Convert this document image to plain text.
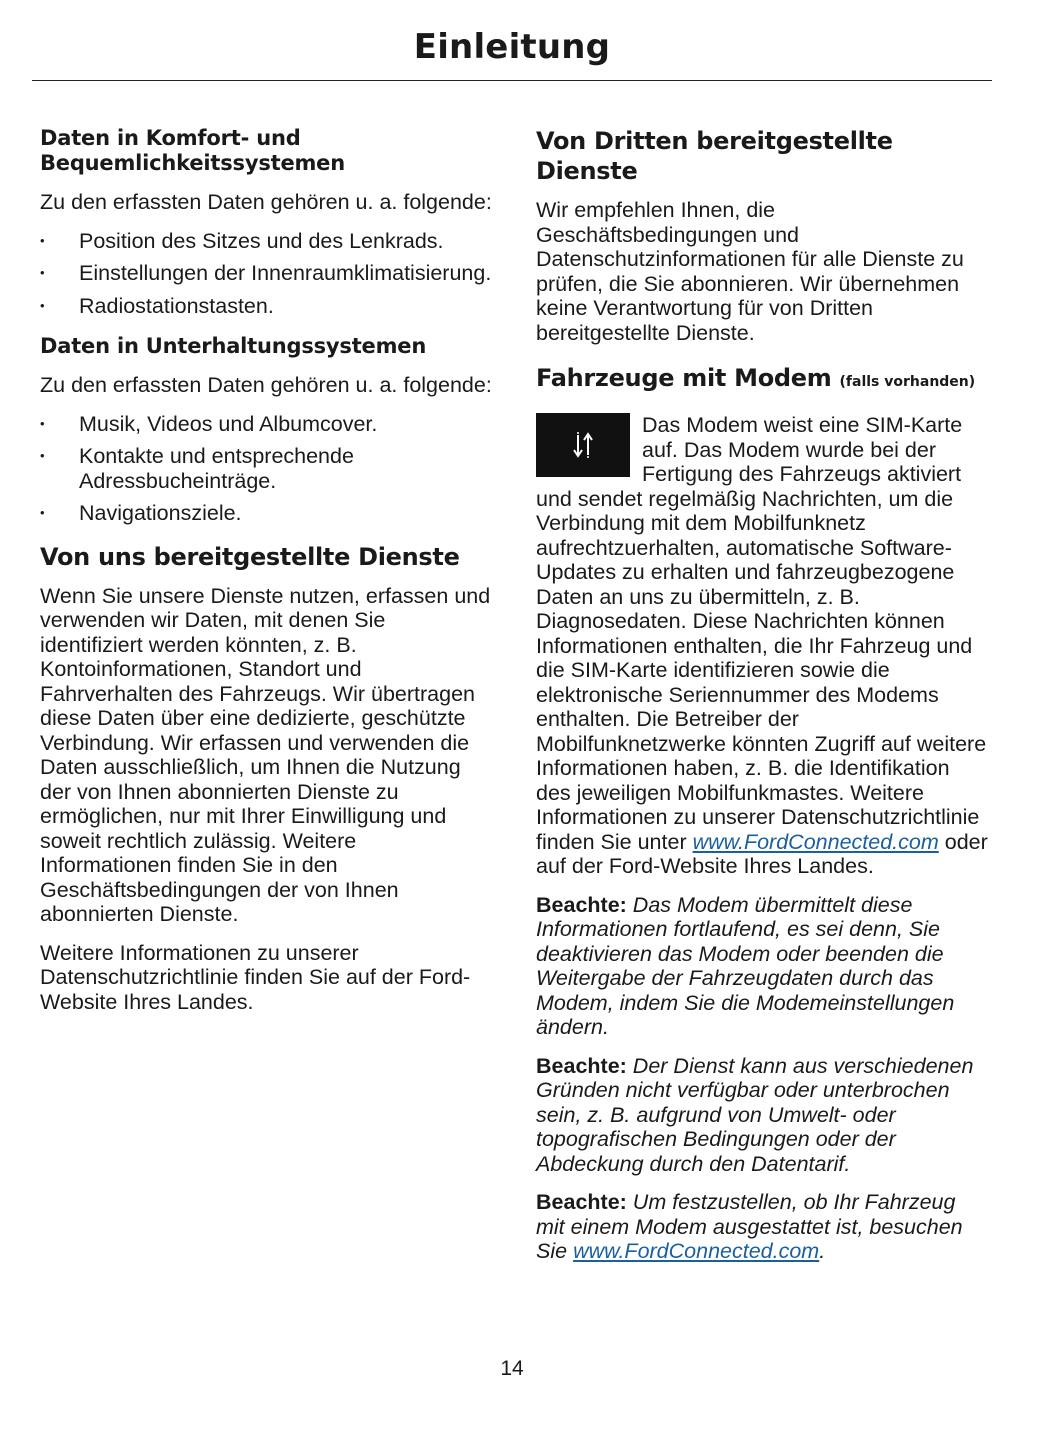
Einleitung
Daten in Komfort- und
Bequemlichkeitssystemen

Zu den erfassten Daten gehören u. a. folgende:

• Position des Sitzes und des Lenkrads.
• Einstellungen der Innenraumklimatisierung.
• Radiostationstasten.
Daten in Unterhaltungssystemen

Zu den erfassten Daten gehören u. a. folgende:

• Musik, Videos und Albumcover.
• Kontakte und entsprechende Adressbucheinträge.
• Navigationsziele.
Von uns bereitgestellte Dienste

Wenn Sie unsere Dienste nutzen, erfassen und verwenden wir Daten, mit denen Sie identifiziert werden könnten, z. B. Kontoinformationen, Standort und Fahrverhalten des Fahrzeugs. Wir übertragen diese Daten über eine dedizierte, geschützte Verbindung. Wir erfassen und verwenden die Daten ausschließlich, um Ihnen die Nutzung der von Ihnen abonnierten Dienste zu ermöglichen, nur mit Ihrer Einwilligung und soweit rechtlich zulässig. Weitere Informationen finden Sie in den Geschäftsbedingungen der von Ihnen abonnierten Dienste.

Weitere Informationen zu unserer Datenschutzrichtlinie finden Sie auf der Ford-Website Ihres Landes.

Von Dritten bereitgestellte Dienste

Wir empfehlen Ihnen, die Geschäftsbedingungen und Datenschutzinformationen für alle Dienste zu prüfen, die Sie abonnieren. Wir übernehmen keine Verantwortung für von Dritten bereitgestellte Dienste.

Fahrzeuge mit Modem (falls vorhanden)

Das Modem weist eine SIM-Karte auf. Das Modem wurde bei der Fertigung des Fahrzeugs aktiviert und sendet regelmäßig Nachrichten, um die Verbindung mit dem Mobilfunknetz aufrechtzuerhalten, automatische Software-Updates zu erhalten und fahrzeugbezogene Daten an uns zu übermitteln, z. B. Diagnosedaten. Diese Nachrichten können Informationen enthalten, die Ihr Fahrzeug und die SIM-Karte identifizieren sowie die elektronische Seriennummer des Modems enthalten. Die Betreiber der Mobilfunknetzwerke könnten Zugriff auf weitere Informationen haben, z. B. die Identifikation des jeweiligen Mobilfunkmastes. Weitere Informationen zu unserer Datenschutzrichtlinie finden Sie unter www.FordConnected.com oder auf der Ford-Website Ihres Landes.

Beachte: Das Modem übermittelt diese Informationen fortlaufend, es sei denn, Sie deaktivieren das Modem oder beenden die Weitergabe der Fahrzeugdaten durch das Modem, indem Sie die Modemeinstellungen ändern.

Beachte: Der Dienst kann aus verschiedenen Gründen nicht verfügbar oder unterbrochen sein, z. B. aufgrund von Umwelt- oder topografischen Bedingungen oder der Abdeckung durch den Datentarif.

Beachte: Um festzustellen, ob Ihr Fahrzeug mit einem Modem ausgestattet ist, besuchen Sie www.FordConnected.com.

14
